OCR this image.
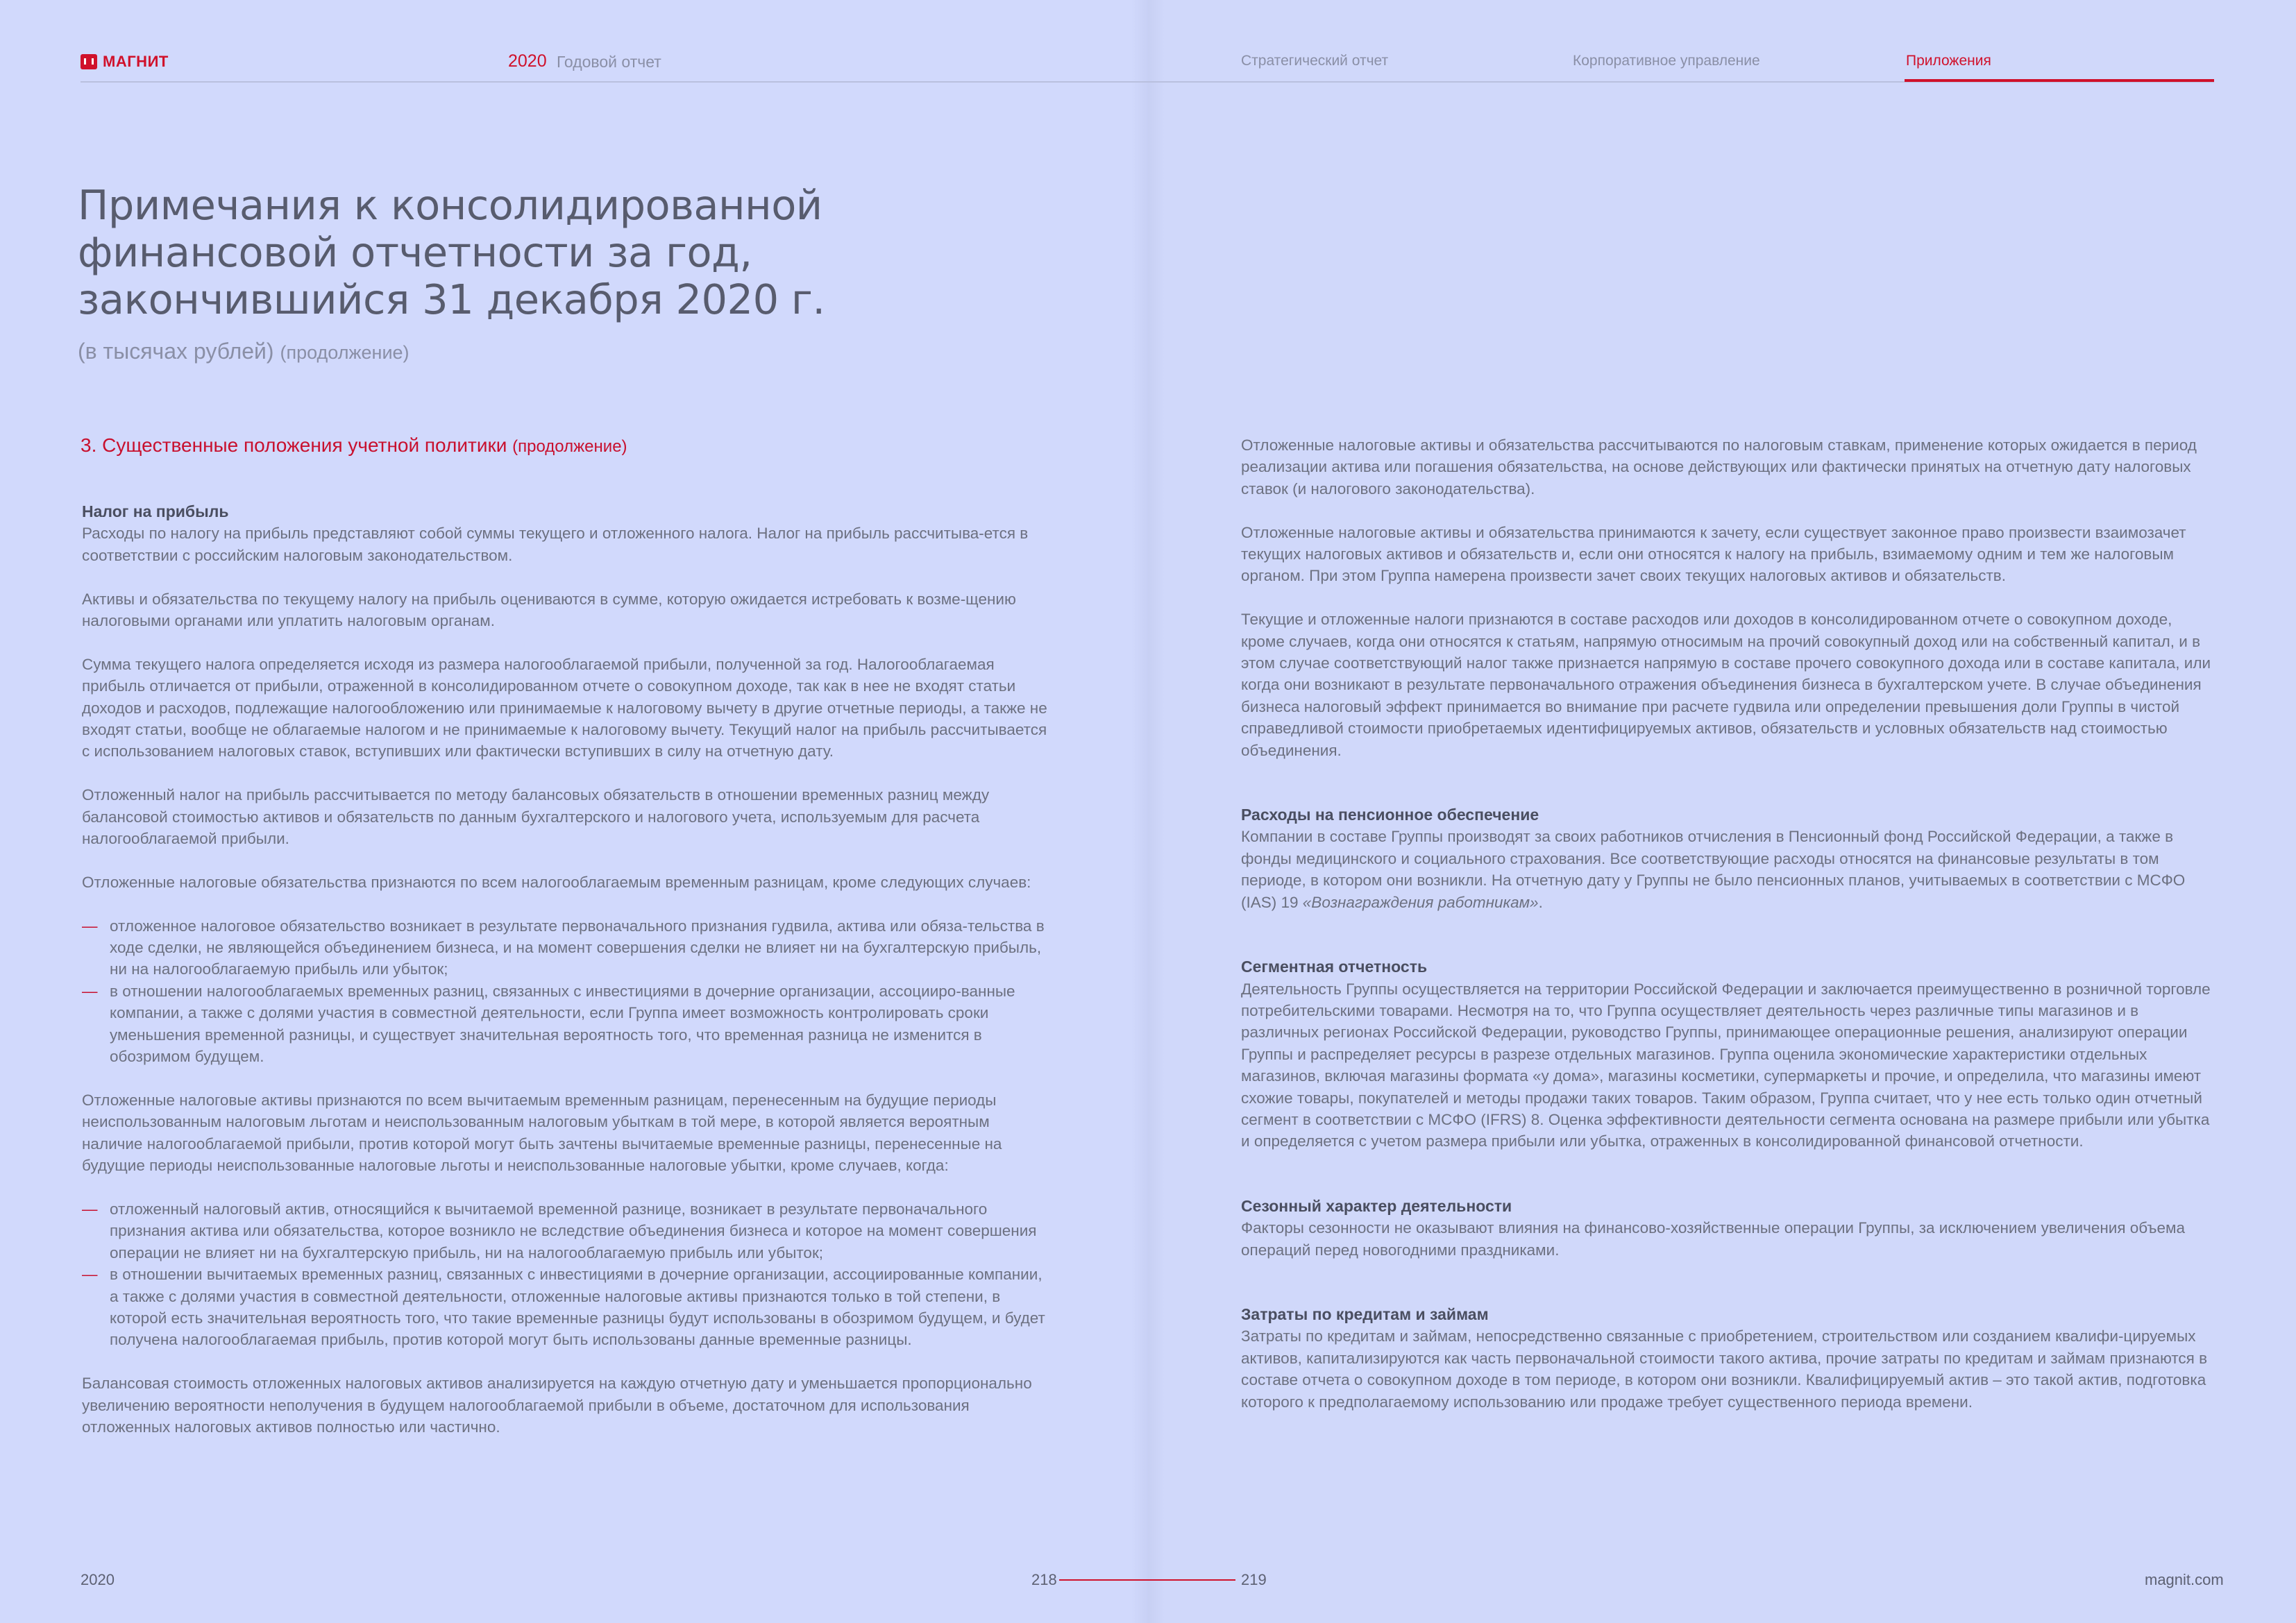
МАГНИТ	2020 Годовой отчет	Стратегический отчет	Корпоративное управление	Приложения
Примечания к консолидированной
финансовой отчетности за год,
закончившийся 31 декабря 2020 г.
(в тысячах рублей) (продолжение)
3. Существенные положения учетной политики (продолжение)
Налог на прибыль

Расходы по налогу на прибыль представляют собой суммы текущего и отложенного налога. Налог на прибыль рассчитыва-ется в соответствии с российским налоговым законодательством.

Активы и обязательства по текущему налогу на прибыль оцениваются в сумме, которую ожидается истребовать к возме-щению налоговыми органами или уплатить налоговым органам.

Сумма текущего налога определяется исходя из размера налогооблагаемой прибыли, полученной за год. Налогооблагаемая прибыль отличается от прибыли, отраженной в консолидированном отчете о совокупном доходе, так как в нее не входят статьи доходов и расходов, подлежащие налогообложению или принимаемые к налоговому вычету в другие отчетные периоды, а также не входят статьи, вообще не облагаемые налогом и не принимаемые к налоговому вычету. Текущий налог на прибыль рассчитывается с использованием налоговых ставок, вступивших или фактически вступивших в силу на отчетную дату.

Отложенный налог на прибыль рассчитывается по методу балансовых обязательств в отношении временных разниц между балансовой стоимостью активов и обязательств по данным бухгалтерского и налогового учета, используемым для расчета налогооблагаемой прибыли.

Отложенные налоговые обязательства признаются по всем налогооблагаемым временным разницам, кроме следующих случаев:

— отложенное налоговое обязательство возникает в результате первоначального признания гудвила, актива или обяза-тельства в ходе сделки, не являющейся объединением бизнеса, и на момент совершения сделки не влияет ни на бухгалтерскую прибыль, ни на налогооблагаемую прибыль или убыток;
— в отношении налогооблагаемых временных разниц, связанных с инвестициями в дочерние организации, ассоцииро-ванные компании, а также с долями участия в совместной деятельности, если Группа имеет возможность контролировать сроки уменьшения временной разницы, и существует значительная вероятность того, что временная разница не изменится в обозримом будущем.

Отложенные налоговые активы признаются по всем вычитаемым временным разницам, перенесенным на будущие периоды неиспользованным налоговым льготам и неиспользованным налоговым убыткам в той мере, в которой является вероятным наличие налогооблагаемой прибыли, против которой могут быть зачтены вычитаемые временные разницы, перенесенные на будущие периоды неиспользованные налоговые льготы и неиспользованные налоговые убытки, кроме случаев, когда:

— отложенный налоговый актив, относящийся к вычитаемой временной разнице, возникает в результате первоначального признания актива или обязательства, которое возникло не вследствие объединения бизнеса и которое на момент совершения операции не влияет ни на бухгалтерскую прибыль, ни на налогооблагаемую прибыль или убыток;
— в отношении вычитаемых временных разниц, связанных с инвестициями в дочерние организации, ассоциированные компании, а также с долями участия в совместной деятельности, отложенные налоговые активы признаются только в той степени, в которой есть значительная вероятность того, что такие временные разницы будут использованы в обозримом будущем, и будет получена налогооблагаемая прибыль, против которой могут быть использованы данные временные разницы.

Балансовая стоимость отложенных налоговых активов анализируется на каждую отчетную дату и уменьшается пропорционально увеличению вероятности неполучения в будущем налогооблагаемой прибыли в объеме, достаточном для использования отложенных налоговых активов полностью или частично.

Отложенные налоговые активы и обязательства рассчитываются по налоговым ставкам, применение которых ожидается в период реализации актива или погашения обязательства, на основе действующих или фактически принятых на отчетную дату налоговых ставок (и налогового законодательства).

Отложенные налоговые активы и обязательства принимаются к зачету, если существует законное право произвести взаимозачет текущих налоговых активов и обязательств и, если они относятся к налогу на прибыль, взимаемому одним и тем же налоговым органом. При этом Группа намерена произвести зачет своих текущих налоговых активов и обязательств.

Текущие и отложенные налоги признаются в составе расходов или доходов в консолидированном отчете о совокупном доходе, кроме случаев, когда они относятся к статьям, напрямую относимым на прочий совокупный доход или на собственный капитал, и в этом случае соответствующий налог также признается напрямую в составе прочего совокупного дохода или в составе капитала, или когда они возникают в результате первоначального отражения объединения бизнеса в бухгалтерском учете. В случае объединения бизнеса налоговый эффект принимается во внимание при расчете гудвила или определении превышения доли Группы в чистой справедливой стоимости приобретаемых идентифицируемых активов, обязательств и условных обязательств над стоимостью объединения.

Расходы на пенсионное обеспечение
Компании в составе Группы производят за своих работников отчисления в Пенсионный фонд Российской Федерации, а также в фонды медицинского и социального страхования. Все соответствующие расходы относятся на финансовые результаты в том периоде, в котором они возникли. На отчетную дату у Группы не было пенсионных планов, учитываемых в соответствии с МСФО (IAS) 19 «Вознаграждения работникам».
Сегментная отчетность
Деятельность Группы осуществляется на территории Российской Федерации и заключается преимущественно в розничной торговле потребительскими товарами. Несмотря на то, что Группа осуществляет деятельность через различные типы магазинов и в различных регионах Российской Федерации, руководство Группы, принимающее операционные решения, анализируют операции Группы и распределяет ресурсы в разрезе отдельных магазинов. Группа оценила экономические характеристики отдельных магазинов, включая магазины формата «у дома», магазины косметики, супермаркеты и прочие, и определила, что магазины имеют схожие товары, покупателей и методы продажи таких товаров. Таким образом, Группа считает, что у нее есть только один отчетный сегмент в соответствии с МСФО (IFRS) 8. Оценка эффективности деятельности сегмента основана на размере прибыли или убытка и определяется с учетом размера прибыли или убытка, отраженных в консолидированной финансовой отчетности.
Сезонный характер деятельности
Факторы сезонности не оказывают влияния на финансово-хозяйственные операции Группы, за исключением увеличения объема операций перед новогодними праздниками.
Затраты по кредитам и займам
Затраты по кредитам и займам, непосредственно связанные с приобретением, строительством или созданием квалифи-цируемых активов, капитализируются как часть первоначальной стоимости такого актива, прочие затраты по кредитам и займам признаются в составе отчета о совокупном доходе в том периоде, в котором они возникли. Квалифицируемый актив – это такой актив, подготовка которого к предполагаемому использованию или продаже требует существенного периода времени.
2020	218	219	magnit.com
